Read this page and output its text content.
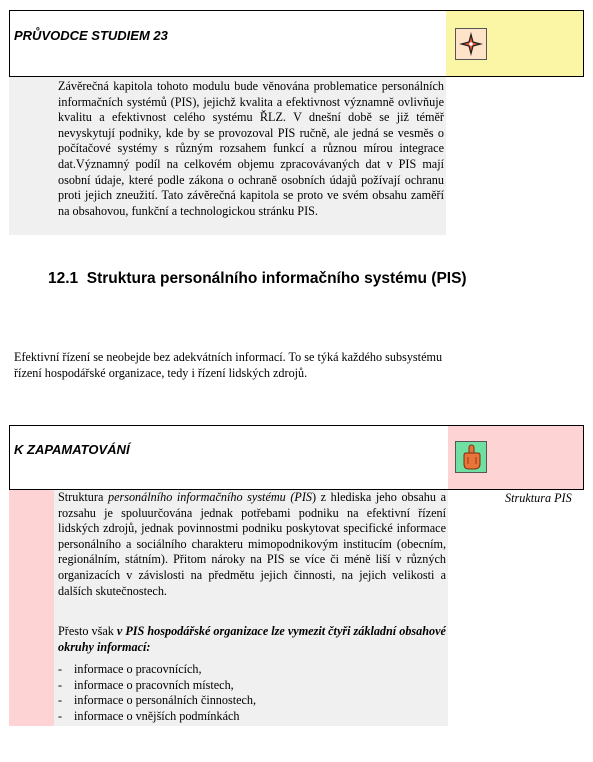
PRŮVODCE STUDIEM 23
Závěrečná kapitola tohoto modulu bude věnována problematice personálních informačních systémů (PIS), jejichž kvalita a efektivnost významně ovlivňuje kvalitu a efektivnost celého systému ŘLZ. V dnešní době se již téměř nevyskytují podniky, kde by se provozoval PIS ručně, ale jedná se vesměs o počítačové systémy s různým rozsahem funkcí a různou mírou integrace dat.Významný podíl na celkovém objemu zpracovávaných dat v PIS mají osobní údaje, které podle zákona o ochraně osobních údajů požívají ochranu proti jejich zneužití. Tato závěrečná kapitola se proto ve svém obsahu zaměří na obsahovou, funkční a technologickou stránku PIS.
12.1  Struktura personálního informačního systému (PIS)
Efektivní řízení se neobejde bez adekvátních informací. To se týká každého subsystému řízení hospodářské organizace, tedy i řízení lidských zdrojů.
K ZAPAMATOVÁNÍ
Struktura personálního informačního systému (PIS) z hlediska jeho obsahu a rozsahu je spoluurčována jednak potřebami podniku na efektivní řízení lidských zdrojů, jednak povinnostmi podniku poskytovat specifické informace personálního a sociálního charakteru mimopodnikovým institucím (obecním, regionálním, státním). Přitom nároky na PIS se více či méně liší v různých organizacích v závislosti na předmětu jejich činnosti, na jejich velikosti a dalších skutečnostech.
Přesto však v PIS hospodářské organizace lze vymezit čtyři základní obsahové okruhy informací:
- informace o pracovnících,
- informace o pracovních místech,
- informace o personálních činnostech,
- informace o vnějších podmínkách
Struktura PIS
